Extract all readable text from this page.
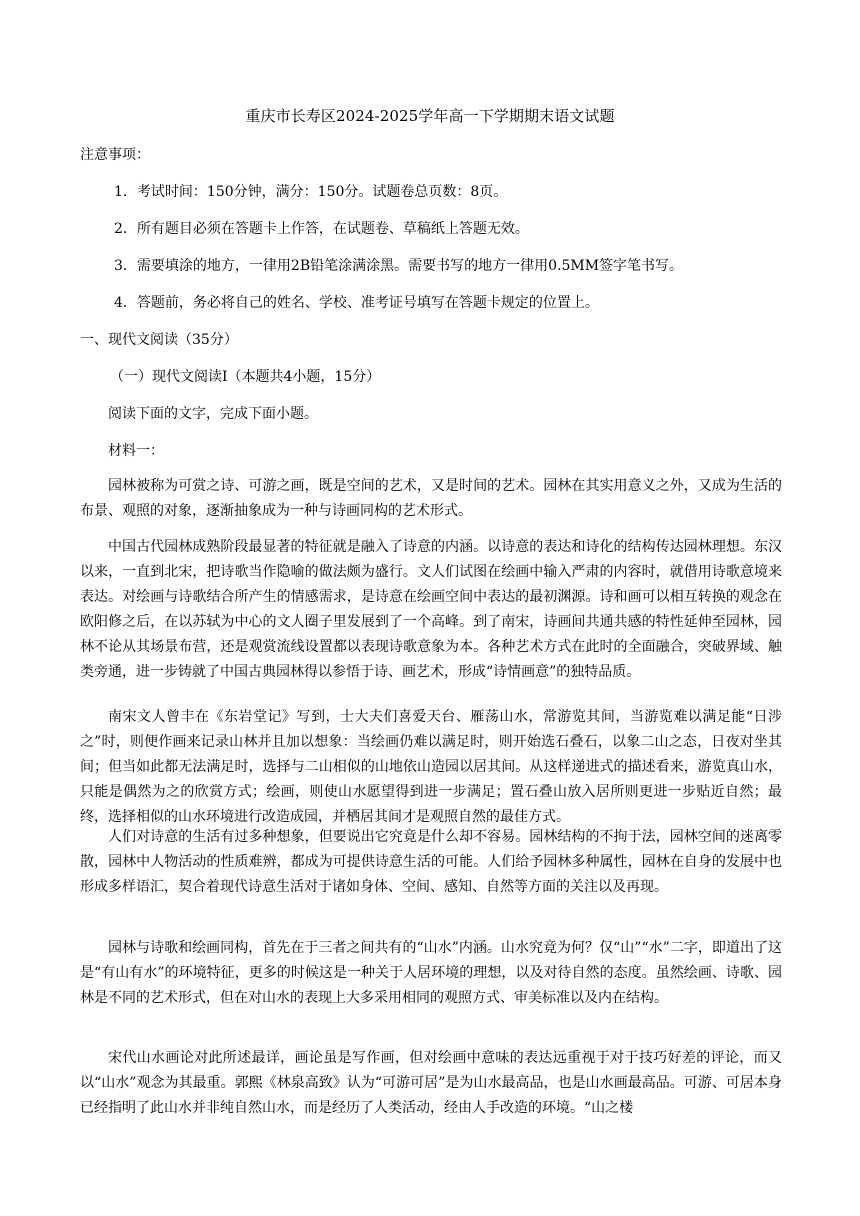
重庆市长寿区2024-2025学年高一下学期期末语文试题
注意事项：
1．考试时间：150分钟，满分：150分。试题卷总页数：8页。
2．所有题目必须在答题卡上作答，在试题卷、草稿纸上答题无效。
3．需要填涂的地方，一律用2B铅笔涂满涂黑。需要书写的地方一律用0.5MM签字笔书写。
4．答题前，务必将自己的姓名、学校、准考证号填写在答题卡规定的位置上。
一、现代文阅读（35分）
（一）现代文阅读Ⅰ（本题共4小题，15分）
阅读下面的文字，完成下面小题。
材料一：

园林被称为可赏之诗、可游之画，既是空间的艺术，又是时间的艺术。园林在其实用意义之外，又成为生活的布景、观照的对象，逐渐抽象成为一种与诗画同构的艺术形式。

中国古代园林成熟阶段最显著的特征就是融入了诗意的内涵。以诗意的表达和诗化的结构传达园林理想。东汉以来，一直到北宋，把诗歌当作隐喻的做法颇为盛行。文人们试图在绘画中输入严肃的内容时，就借用诗歌意境来表达。对绘画与诗歌结合所产生的情感需求，是诗意在绘画空间中表达的最初渊源。诗和画可以相互转换的观念在欧阳修之后，在以苏轼为中心的文人圈子里发展到了一个高峰。到了南宋，诗画间共通共感的特性延伸至园林，园林不论从其场景布营，还是观赏流线设置都以表现诗歌意象为本。各种艺术方式在此时的全面融合，突破界域、触类旁通，进一步铸就了中国古典园林得以参悟于诗、画艺术，形成“诗情画意”的独特品质。

南宋文人曾丰在《东岩堂记》写到，士大夫们喜爱天台、雁荡山水，常游览其间，当游览难以满足能“日涉之”时，则便作画来记录山林并且加以想象：当绘画仍难以满足时，则开始选石叠石，以象二山之态，日夜对坐其间；但当如此都无法满足时，选择与二山相似的山地依山造园以居其间。从这样递进式的描述看来，游览真山水，只能是偶然为之的欣赏方式；绘画，则使山水愿望得到进一步满足；置石叠山放入居所则更进一步贴近自然；最终，选择相似的山水环境进行改造成园，并栖居其间才是观照自然的最佳方式。

人们对诗意的生活有过多种想象，但要说出它究竟是什么却不容易。园林结构的不拘于法，园林空间的迷离零散，园林中人物活动的性质难辨，都成为可提供诗意生活的可能。人们给予园林多种属性，园林在自身的发展中也形成多样语汇，契合着现代诗意生活对于诸如身体、空间、感知、自然等方面的关注以及再现。

园林与诗歌和绘画同构，首先在于三者之间共有的“山水”内涵。山水究竟为何？仅“山”“水”二字，即道出了这是“有山有水”的环境特征，更多的时候这是一种关于人居环境的理想，以及对待自然的态度。虽然绘画、诗歌、园林是不同的艺术形式，但在对山水的表现上大多采用相同的观照方式、审美标准以及内在结构。

宋代山水画论对此所述最详，画论虽是写作画，但对绘画中意味的表达远重视于对于技巧好差的评论，而又以“山水”观念为其最重。郭熙《林泉高致》认为“可游可居”是为山水最高品，也是山水画最高品。可游、可居本身已经指明了此山水并非纯自然山水，而是经历了人类活动，经由人手改造的环境。“山之楼
